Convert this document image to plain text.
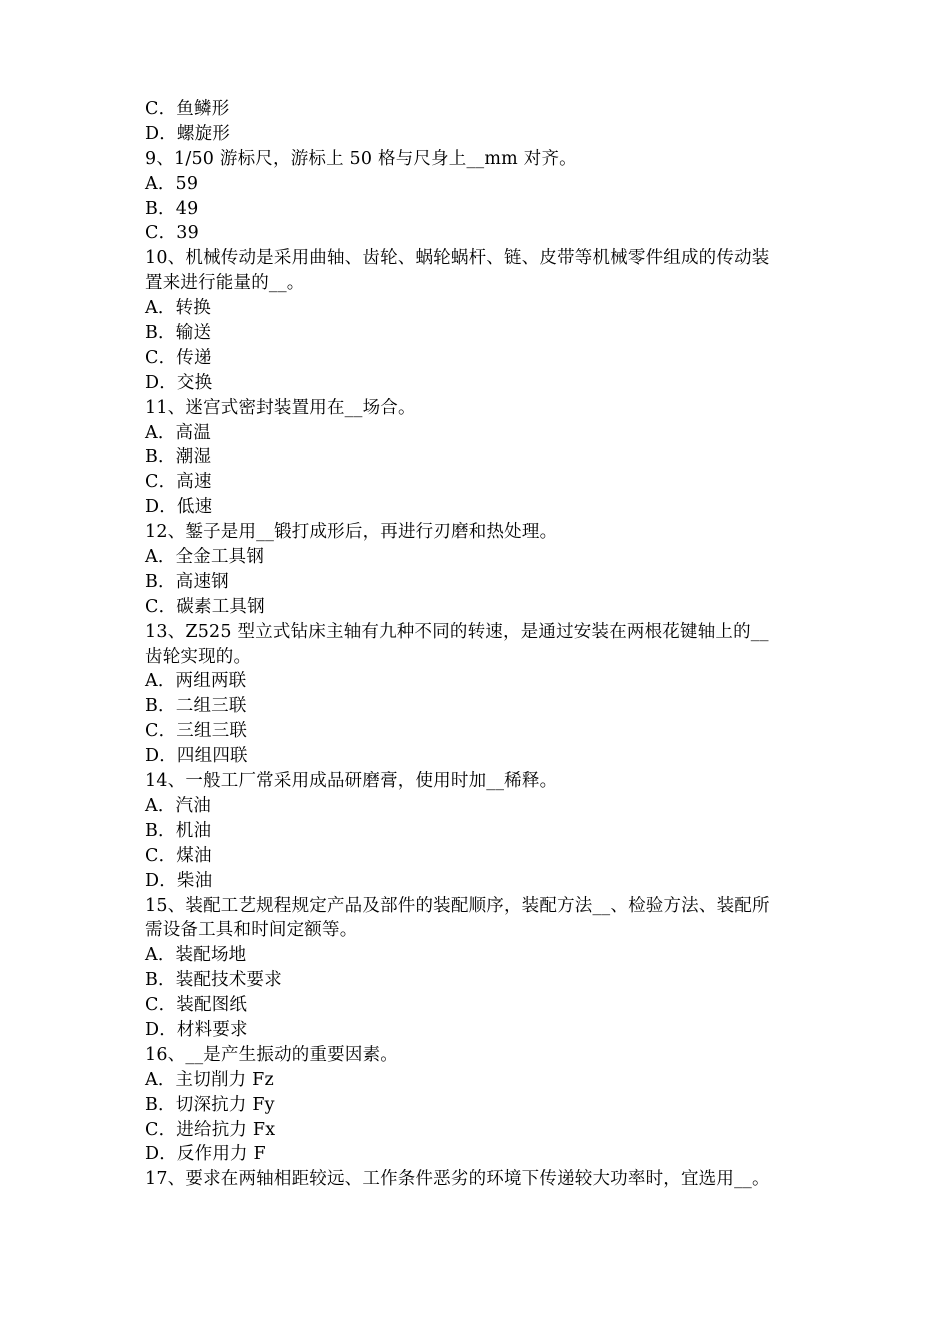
C．鱼鳞形
D．螺旋形
9、1/50 游标尺，游标上 50 格与尺身上__mm 对齐。
A．59
B．49
C．39
10、机械传动是采用曲轴、齿轮、蜗轮蜗杆、链、皮带等机械零件组成的传动装
置来进行能量的__。
A．转换
B．输送
C．传递
D．交换
11、迷宫式密封装置用在__场合。
A．高温
B．潮湿
C．高速
D．低速
12、錾子是用__锻打成形后，再进行刃磨和热处理。
A．全金工具钢
B．高速钢
C．碳素工具钢
13、Z525 型立式钻床主轴有九种不同的转速，是通过安装在两根花键轴上的__
齿轮实现的。
A．两组两联
B．二组三联
C．三组三联
D．四组四联
14、一般工厂常采用成品研磨膏，使用时加__稀释。
A．汽油
B．机油
C．煤油
D．柴油
15、装配工艺规程规定产品及部件的装配顺序，装配方法__、检验方法、装配所
需设备工具和时间定额等。
A．装配场地
B．装配技术要求
C．装配图纸
D．材料要求
16、__是产生振动的重要因素。
A．主切削力 Fz
B．切深抗力 Fy
C．进给抗力 Fx
D．反作用力 F
17、要求在两轴相距较远、工作条件恶劣的环境下传递较大功率时，宜选用__。
